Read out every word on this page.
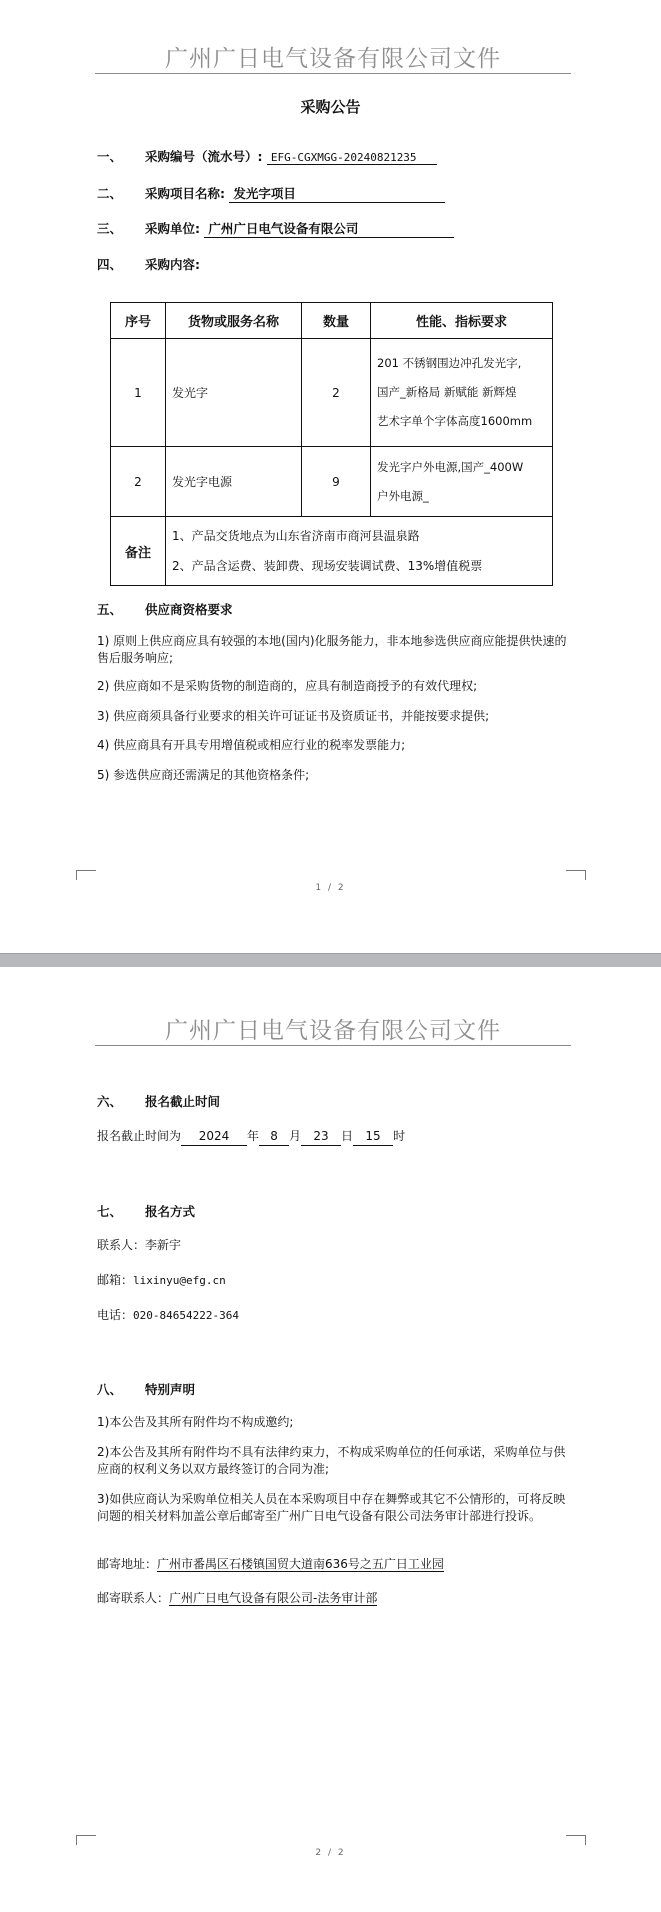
广州广日电气设备有限公司文件
采购公告
一、 采购编号（流水号）: EFG-CGXMGG-20240821235
二、 采购项目名称: 发光字项目
三、 采购单位: 广州广日电气设备有限公司
四、 采购内容:
序号	货物或服务名称	数量	性能、指标要求
1	发光字	2	201 不锈钢围边冲孔发光字,
国产_新格局 新赋能 新辉煌
艺术字单个字体高度1600mm

2	发光字电源	9	发光字户外电源,国产_400W
户外电源_

备注	1、产品交货地点为山东省济南市商河县温泉路
2、产品含运费、装卸费、现场安装调试费、13%增值税票		
五、 供应商资格要求
1) 原则上供应商应具有较强的本地(国内)化服务能力，非本地参选供应商应能提供快速的售后服务响应;
2) 供应商如不是采购货物的制造商的，应具有制造商授予的有效代理权;
3) 供应商须具备行业要求的相关许可证证书及资质证书，并能按要求提供;
4) 供应商具有开具专用增值税或相应行业的税率发票能力;
5) 参选供应商还需满足的其他资格条件;
1 / 2
广州广日电气设备有限公司文件
六、 报名截止时间
报名截止时间为 2024 年 8 月 23 日 15 时
七、 报名方式
联系人：李新宇
邮箱：lixinyu@efg.cn
电话：020-84654222-364
八、 特别声明
1)本公告及其所有附件均不构成邀约;
2)本公告及其所有附件均不具有法律约束力，不构成采购单位的任何承诺，采购单位与供应商的权利义务以双方最终签订的合同为准;
3)如供应商认为采购单位相关人员在本采购项目中存在舞弊或其它不公情形的，可将反映问题的相关材料加盖公章后邮寄至广州广日电气设备有限公司法务审计部进行投诉。
邮寄地址：广州市番禺区石楼镇国贸大道南636号之五广日工业园
邮寄联系人：广州广日电气设备有限公司-法务审计部
2 / 2
